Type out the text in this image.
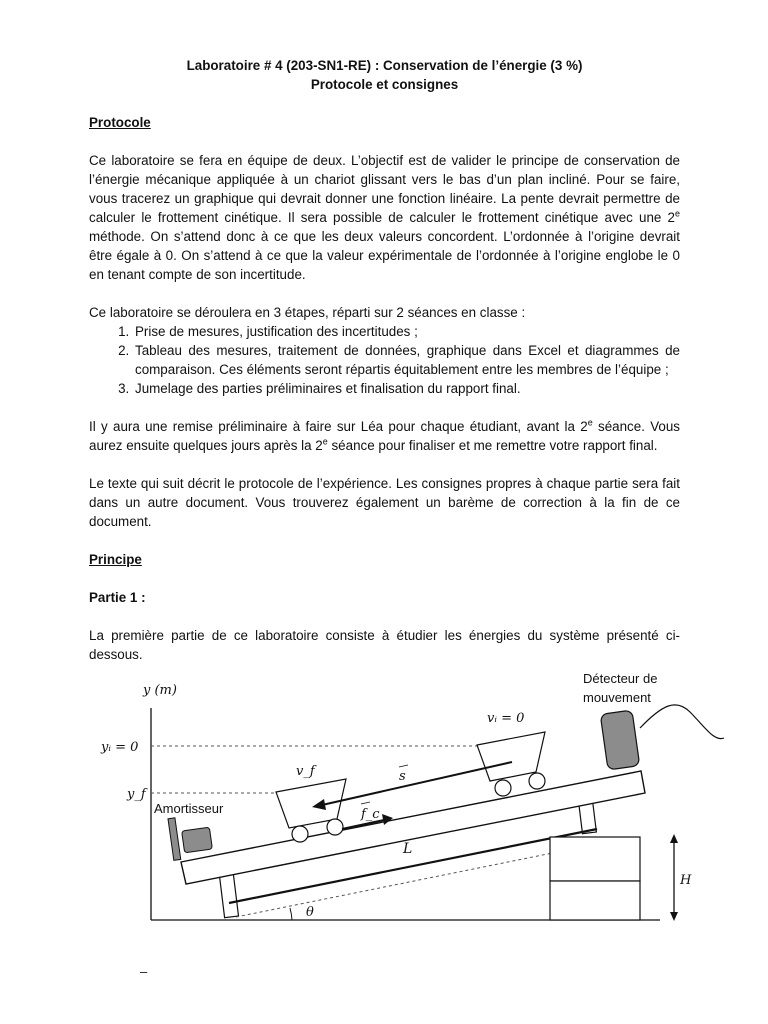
Laboratoire # 4 (203-SN1-RE) : Conservation de l’énergie (3 %)

Protocole et consignes

Protocole

Ce laboratoire se fera en équipe de deux. L’objectif est de valider le principe de conservation de l’énergie mécanique appliquée à un chariot glissant vers le bas d’un plan incliné. Pour se faire, vous tracerez un graphique qui devrait donner une fonction linéaire. La pente devrait permettre de calculer le frottement cinétique. Il sera possible de calculer le frottement cinétique avec une 2e méthode. On s’attend donc à ce que les deux valeurs concordent. L’ordonnée à l’origine devrait être égale à 0. On s’attend à ce que la valeur expérimentale de l’ordonnée à l’origine englobe le 0 en tenant compte de son incertitude.

Ce laboratoire se déroulera en 3 étapes, réparti sur 2 séances en classe :

1. Prise de mesures, justification des incertitudes ;
2. Tableau des mesures, traitement de données, graphique dans Excel et diagrammes de comparaison. Ces éléments seront répartis équitablement entre les membres de l’équipe ;
3. Jumelage des parties préliminaires et finalisation du rapport final.

Il y aura une remise préliminaire à faire sur Léa pour chaque étudiant, avant la 2e séance. Vous aurez ensuite quelques jours après la 2e séance pour finaliser et me remettre votre rapport final.

Le texte qui suit décrit le protocole de l’expérience. Les consignes propres à chaque partie sera fait dans un autre document. Vous trouverez également un barème de correction à la fin de ce document.

Principe

Partie 1 :

La première partie de ce laboratoire consiste à étudier les énergies du système présenté ci-dessous.

y (m)
yᵢ = 0
y_f
L
θ
H
Détecteur de
mouvement
Amortisseur
v_f
vᵢ = 0
s
f_c
–
